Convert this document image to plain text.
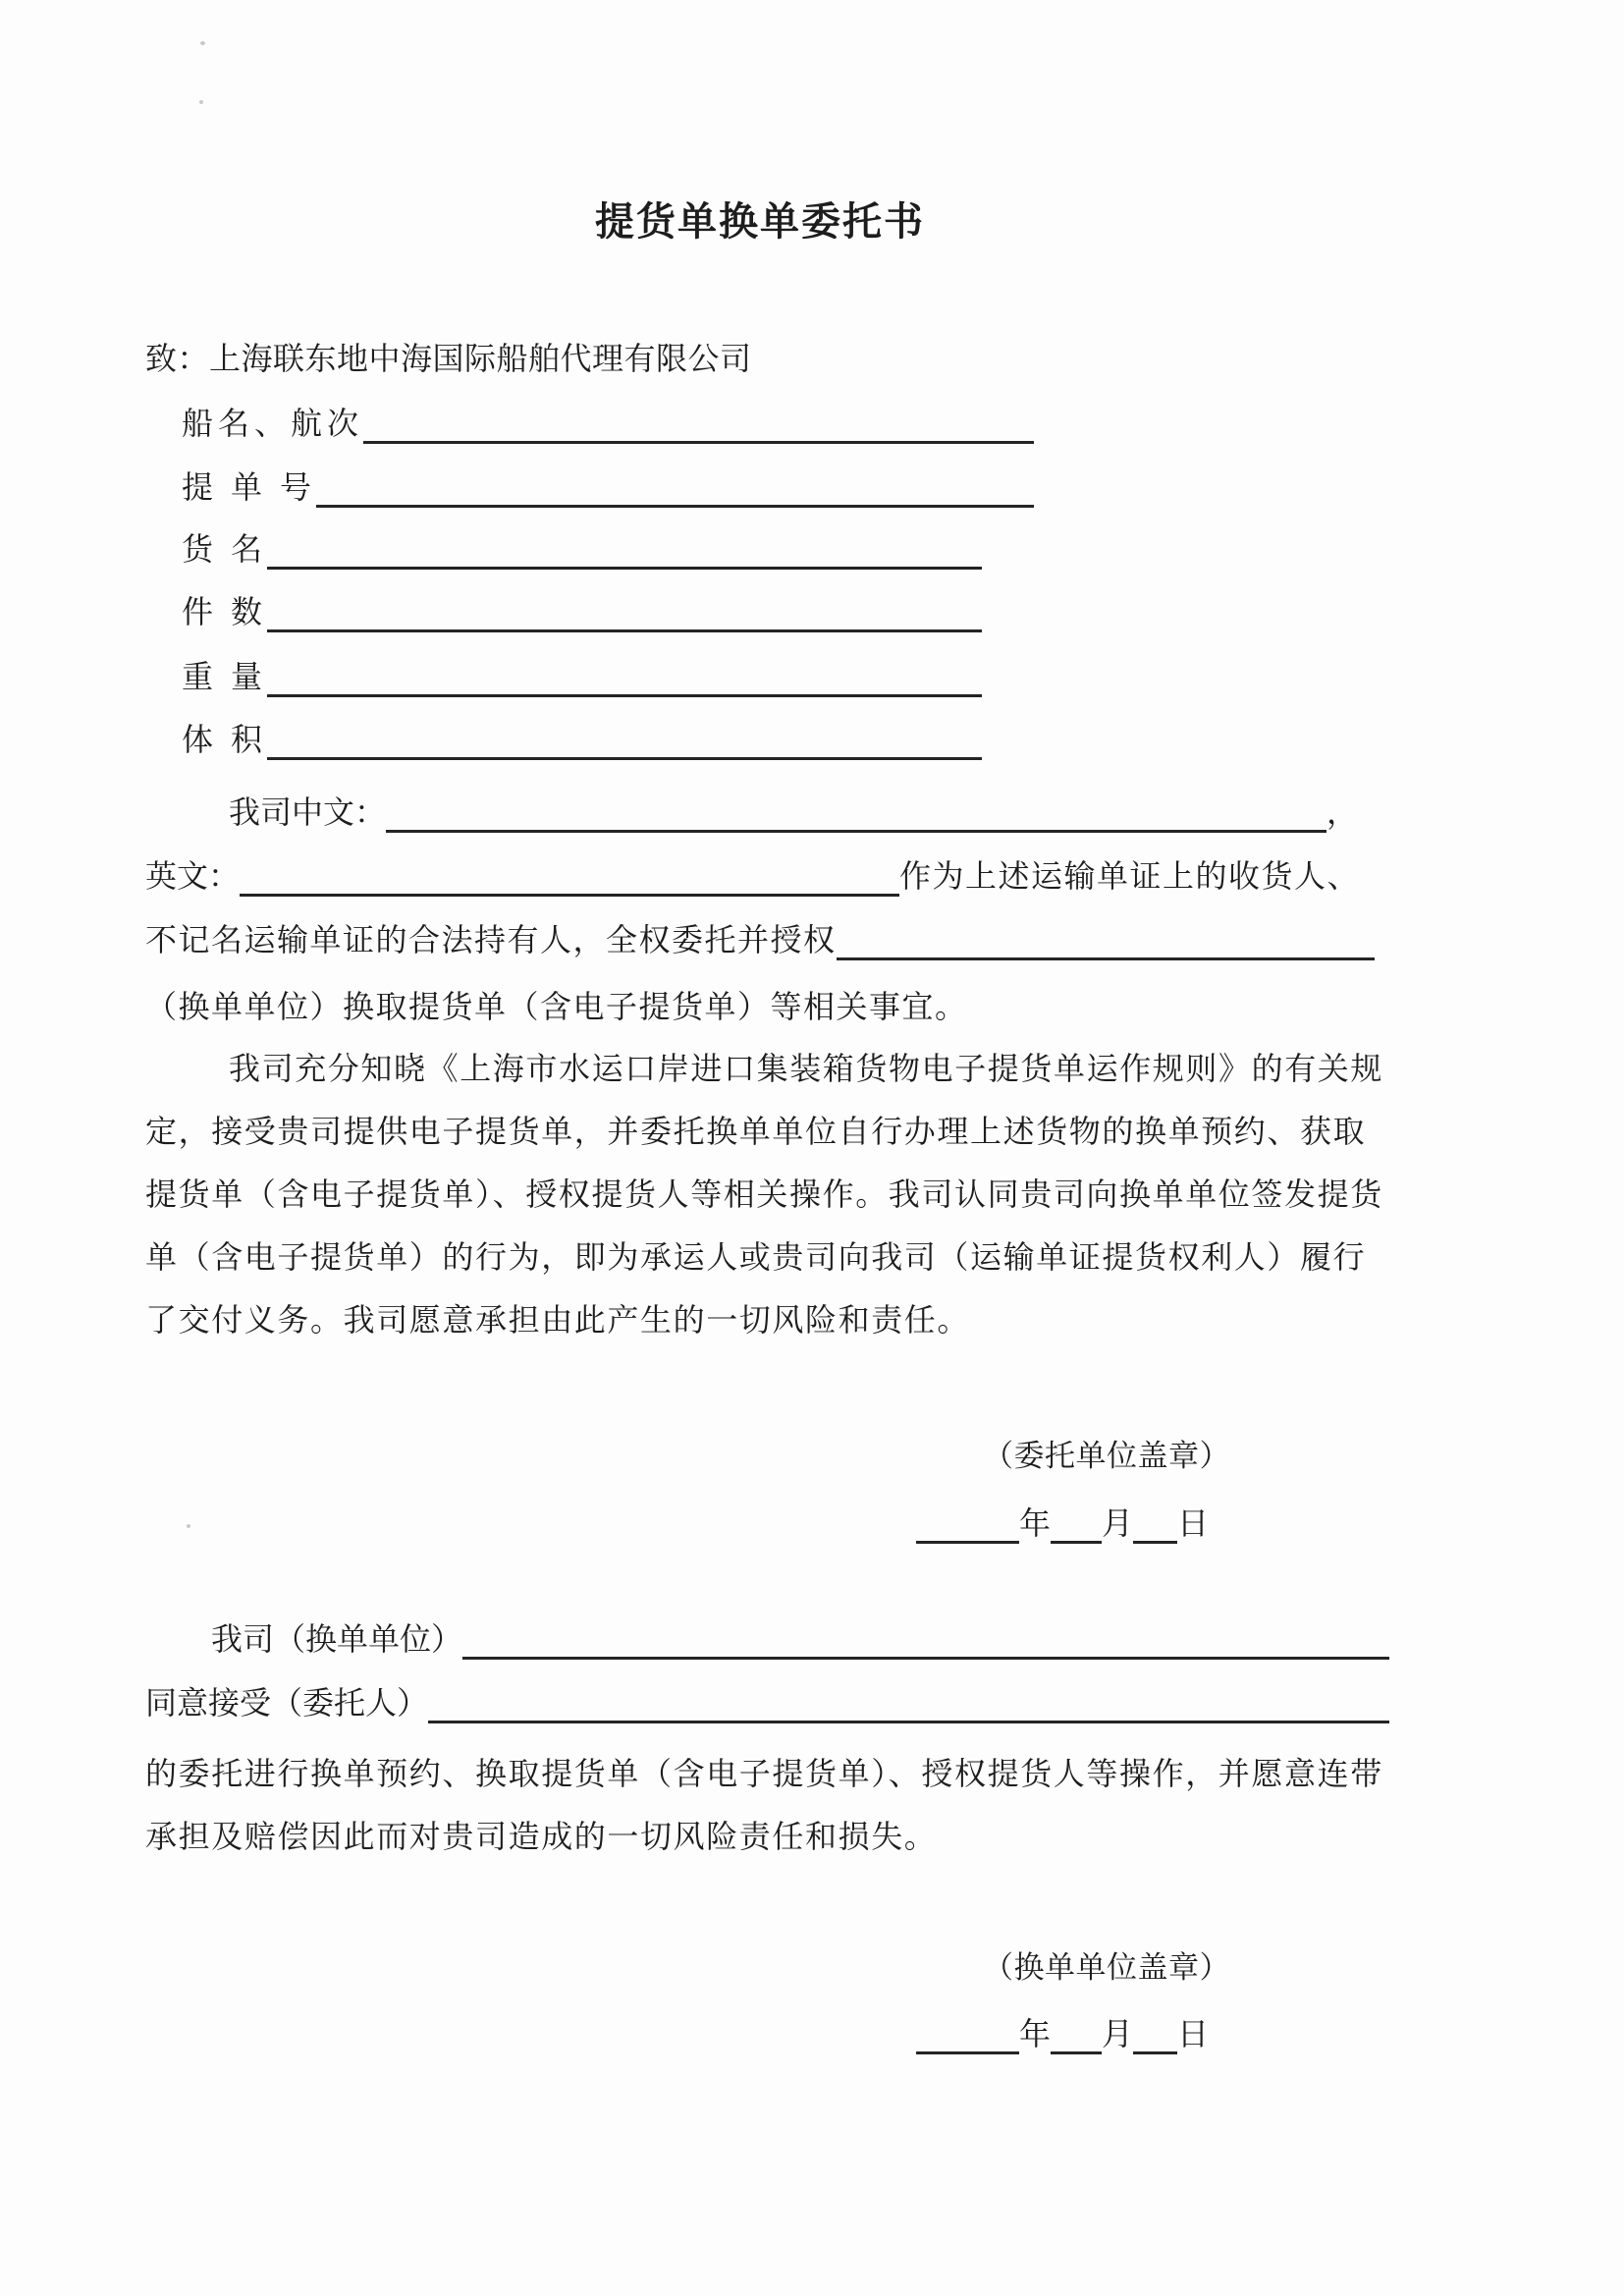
提货单换单委托书
致：上海联东地中海国际船舶代理有限公司
船名、航次
提 单 号
货 名
件 数
重 量
体 积
我司中文：	，
英文：	作为上述运输单证上的收货人、
不记名运输单证的合法持有人，全权委托并授权
（换单单位）换取提货单（含电子提货单）等相关事宜。
我司充分知晓《上海市水运口岸进口集装箱货物电子提货单运作规则》的有关规
定，接受贵司提供电子提货单，并委托换单单位自行办理上述货物的换单预约、获取
提货单（含电子提货单）、授权提货人等相关操作。我司认同贵司向换单单位签发提货
单（含电子提货单）的行为，即为承运人或贵司向我司（运输单证提货权利人）履行
了交付义务。我司愿意承担由此产生的一切风险和责任。
（委托单位盖章）
年 月 日
我司（换单单位）
同意接受（委托人）
的委托进行换单预约、换取提货单（含电子提货单）、授权提货人等操作，并愿意连带
承担及赔偿因此而对贵司造成的一切风险责任和损失。
（换单单位盖章）
年 月 日
